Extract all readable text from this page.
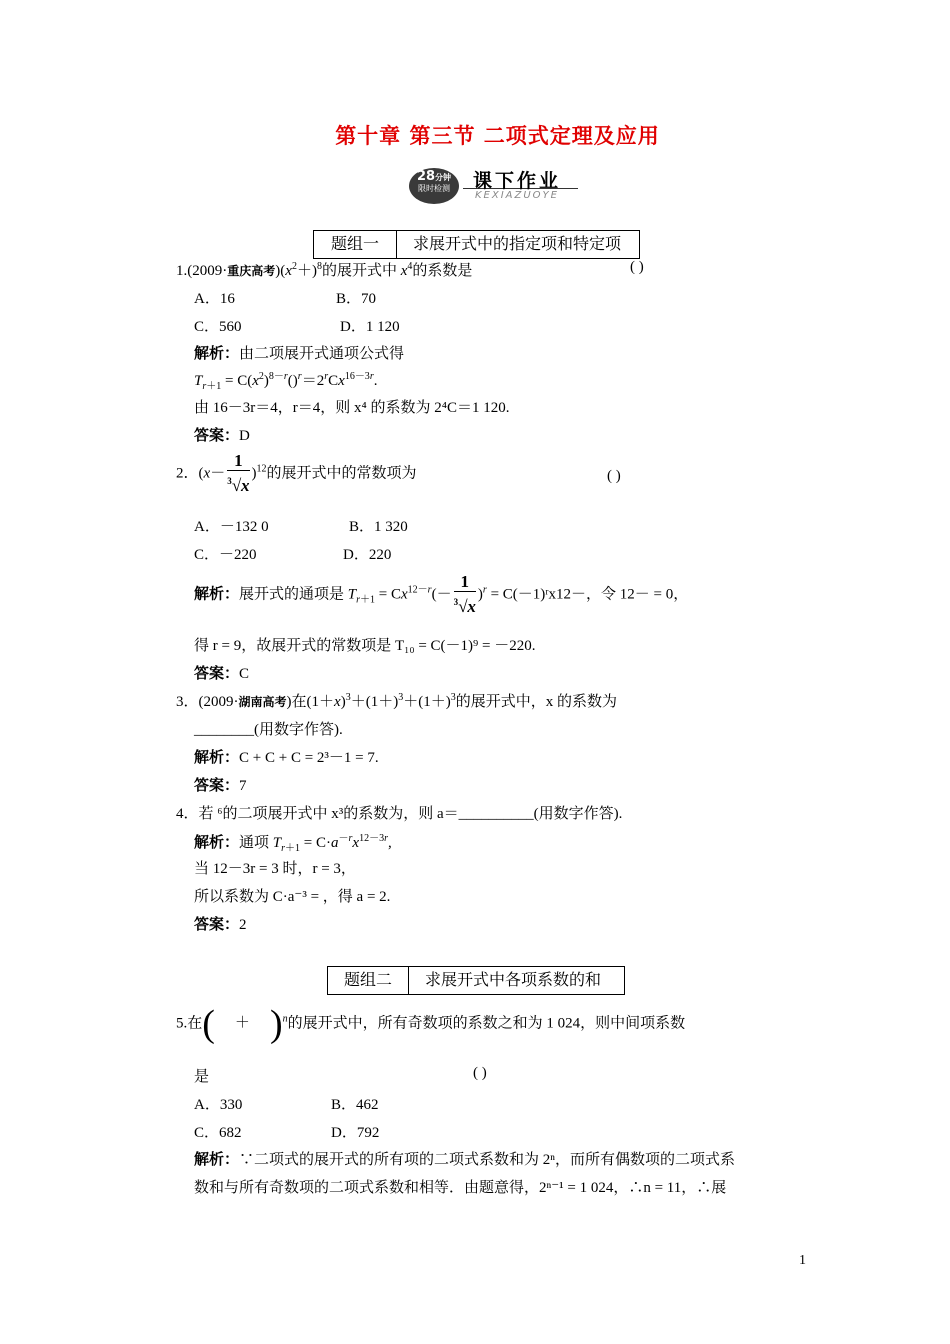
第十章 第三节 二项式定理及应用
28分钟
限时检测	课下作业
KEXIAZUOYE
题组一	求展开式中的指定项和特定项
1.(2009·重庆高考)$(x^2+)^8$的展开式中 $x^4$的系数是	( )
A．16	B．70
C．560	D．1 120
解析：由二项展开式通项公式得
$T_{r+1} = C(x^2)^{8-r}()^r=2^rCx^{16-3r}$.
由 16－3r＝4，r＝4，则 x⁴ 的系数为 2⁴C＝1 120.
答案：D
2．$(x- \frac{1}{^3√x} )^{12}$的展开式中的常数项为	( )
A．－132 0	B．1 320
C．－220	D．220
解析：展开式的通项是 $T_{r+1} = Cx^{12-r}(- \frac{1}{^3√x} )^r$ = C(－1)ʳx12－，令 12－ = 0，
得 r = 9，故展开式的常数项是 T₁₀ = C(－1)⁹ = －220.
答案：C
3．(2009·湖南高考)在$(1+x)^3+(1+)^3+(1+)^3$的展开式中，x 的系数为
________(用数字作答).
解析：C + C + C = 2³－1 = 7.
答案：7
4．若 ⁶的二项展开式中 x³的系数为，则 a＝__________(用数字作答).
解析：通项 $T_{r+1} = C\cdot a^{-r}x^{12-3r}$,
当 12－3r = 3 时，r = 3，
所以系数为 C·a⁻³ = ，得 a = 2.
答案：2
题组二	求展开式中各项系数的和
5.在( ＋ )$^n$的展开式中，所有奇数项的系数之和为 1 024，则中间项系数
是	( )
A．330	B．462
C．682	D．792
解析：∵二项式的展开式的所有项的二项式系数和为 2ⁿ，而所有偶数项的二项式系
数和与所有奇数项的二项式系数和相等．由题意得，2ⁿ⁻¹ = 1 024，∴n = 11，∴展
1
